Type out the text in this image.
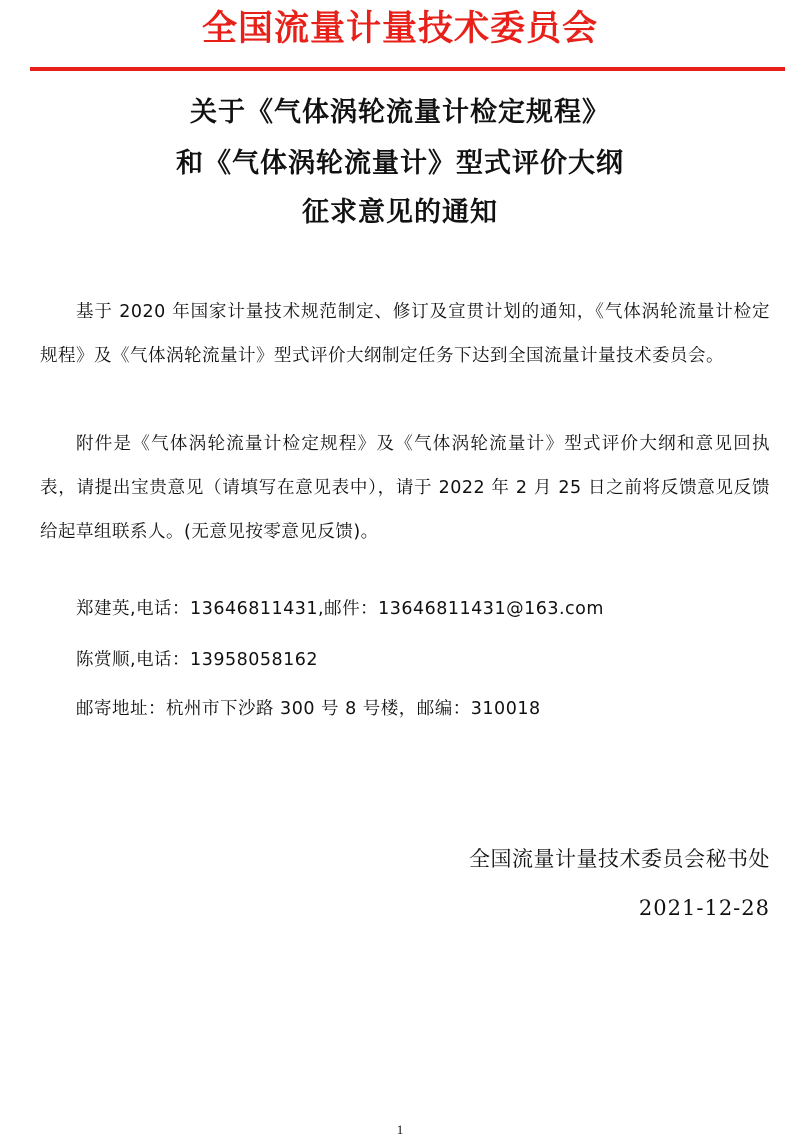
全国流量计量技术委员会
关于《气体涡轮流量计检定规程》
和《气体涡轮流量计》型式评价大纲
征求意见的通知

基于 2020 年国家计量技术规范制定、修订及宣贯计划的通知，《气体涡轮流量计检定规程》及《气体涡轮流量计》型式评价大纲制定任务下达到全国流量计量技术委员会。

附件是《气体涡轮流量计检定规程》及《气体涡轮流量计》型式评价大纲和意见回执表，请提出宝贵意见（请填写在意见表中），请于 2022 年 2 月 25 日之前将反馈意见反馈给起草组联系人。(无意见按零意见反馈)。

郑建英,电话：13646811431,邮件：13646811431@163.com
陈赏顺,电话：13958058162
邮寄地址：杭州市下沙路 300 号 8 号楼，邮编：310018
全国流量计量技术委员会秘书处
2021-12-28
1
